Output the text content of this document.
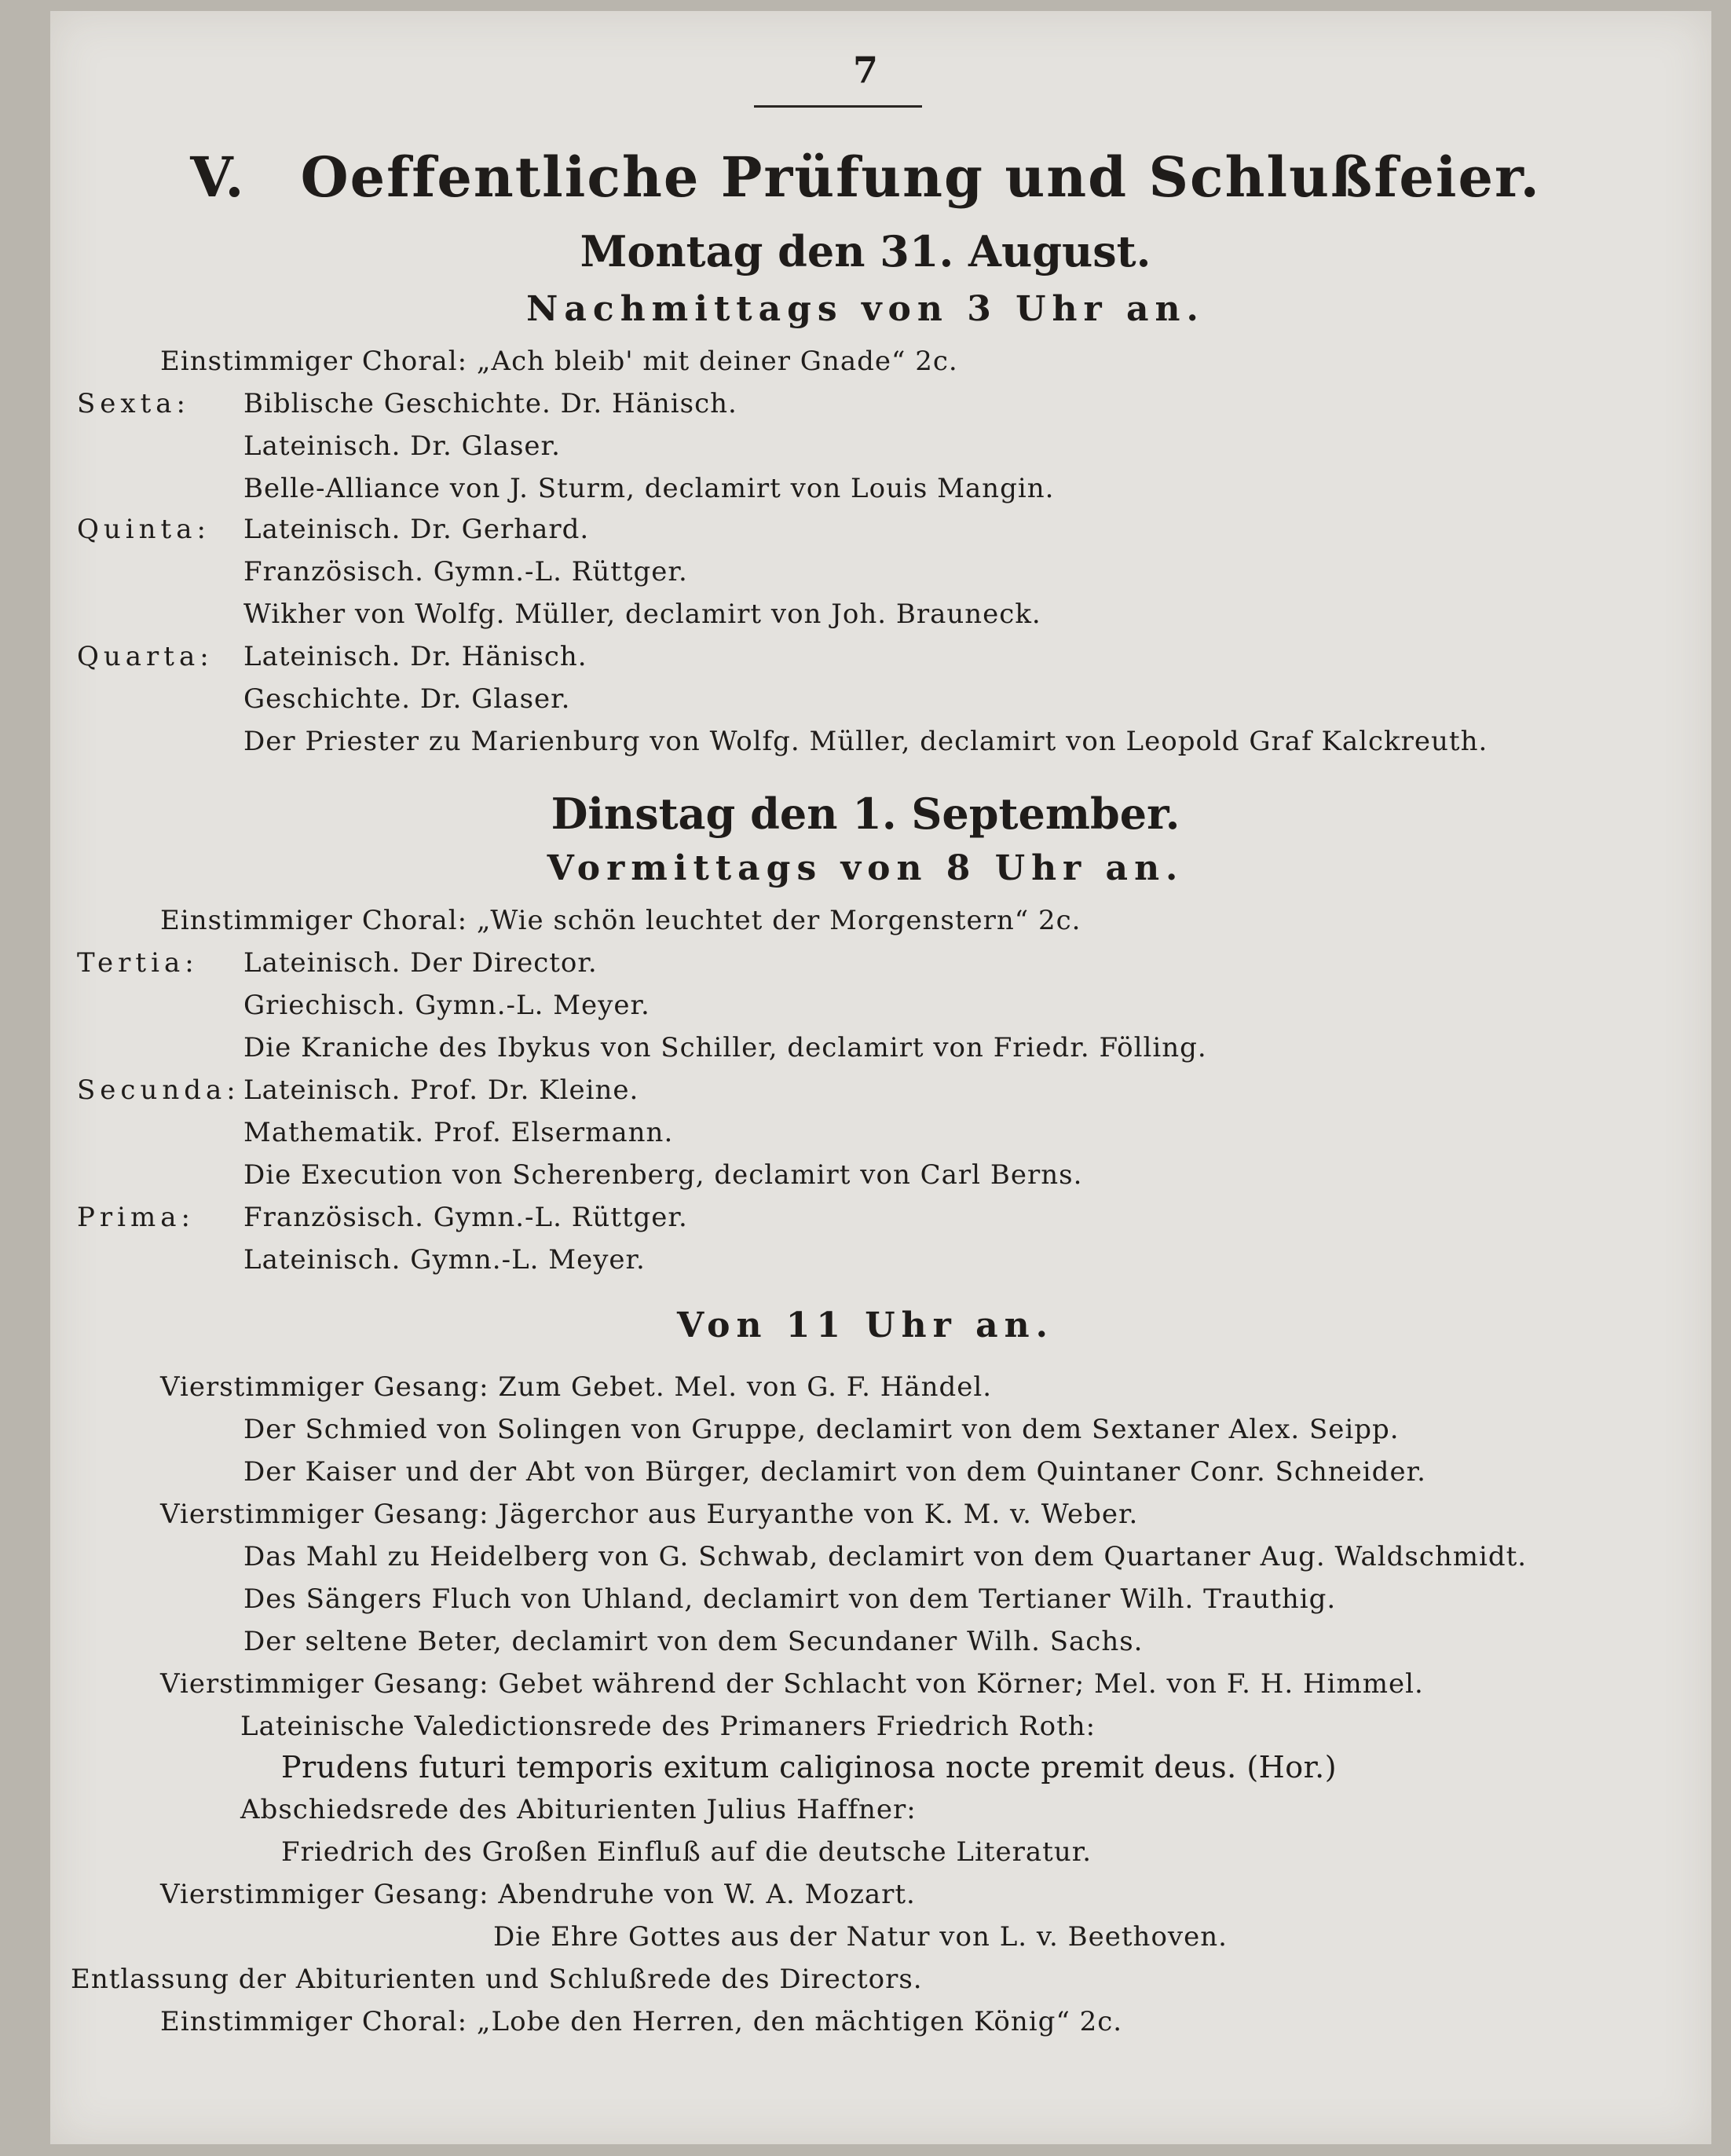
7
V. Oeffentliche Prüfung und Schlußfeier.
Montag den 31. August.
Nachmittags von 3 Uhr an.
Einstimmiger Choral: „Ach bleib' mit deiner Gnade“ 2c.
Sexta: Biblische Geschichte. Dr. Hänisch.
Lateinisch. Dr. Glaser.
Belle-Alliance von J. Sturm, declamirt von Louis Mangin.
Quinta: Lateinisch. Dr. Gerhard.
Französisch. Gymn.-L. Rüttger.
Wikher von Wolfg. Müller, declamirt von Joh. Brauneck.
Quarta: Lateinisch. Dr. Hänisch.
Geschichte. Dr. Glaser.
Der Priester zu Marienburg von Wolfg. Müller, declamirt von Leopold Graf Kalckreuth.
Dinstag den 1. September.
Vormittags von 8 Uhr an.
Einstimmiger Choral: „Wie schön leuchtet der Morgenstern“ 2c.
Tertia: Lateinisch. Der Director.
Griechisch. Gymn.-L. Meyer.
Die Kraniche des Ibykus von Schiller, declamirt von Friedr. Fölling.
Secunda: Lateinisch. Prof. Dr. Kleine.
Mathematik. Prof. Elsermann.
Die Execution von Scherenberg, declamirt von Carl Berns.
Prima: Französisch. Gymn.-L. Rüttger.
Lateinisch. Gymn.-L. Meyer.
Von 11 Uhr an.
Vierstimmiger Gesang: Zum Gebet. Mel. von G. F. Händel.
Der Schmied von Solingen von Gruppe, declamirt von dem Sextaner Alex. Seipp.
Der Kaiser und der Abt von Bürger, declamirt von dem Quintaner Conr. Schneider.
Vierstimmiger Gesang: Jägerchor aus Euryanthe von K. M. v. Weber.
Das Mahl zu Heidelberg von G. Schwab, declamirt von dem Quartaner Aug. Waldschmidt.
Des Sängers Fluch von Uhland, declamirt von dem Tertianer Wilh. Trauthig.
Der seltene Beter, declamirt von dem Secundaner Wilh. Sachs.
Vierstimmiger Gesang: Gebet während der Schlacht von Körner; Mel. von F. H. Himmel.
Lateinische Valedictionsrede des Primaners Friedrich Roth:
Prudens futuri temporis exitum caliginosa nocte premit deus. (Hor.)
Abschiedsrede des Abiturienten Julius Haffner:
Friedrich des Großen Einfluß auf die deutsche Literatur.
Vierstimmiger Gesang: Abendruhe von W. A. Mozart.
Die Ehre Gottes aus der Natur von L. v. Beethoven.
Entlassung der Abiturienten und Schlußrede des Directors.
Einstimmiger Choral: „Lobe den Herren, den mächtigen König“ 2c.
